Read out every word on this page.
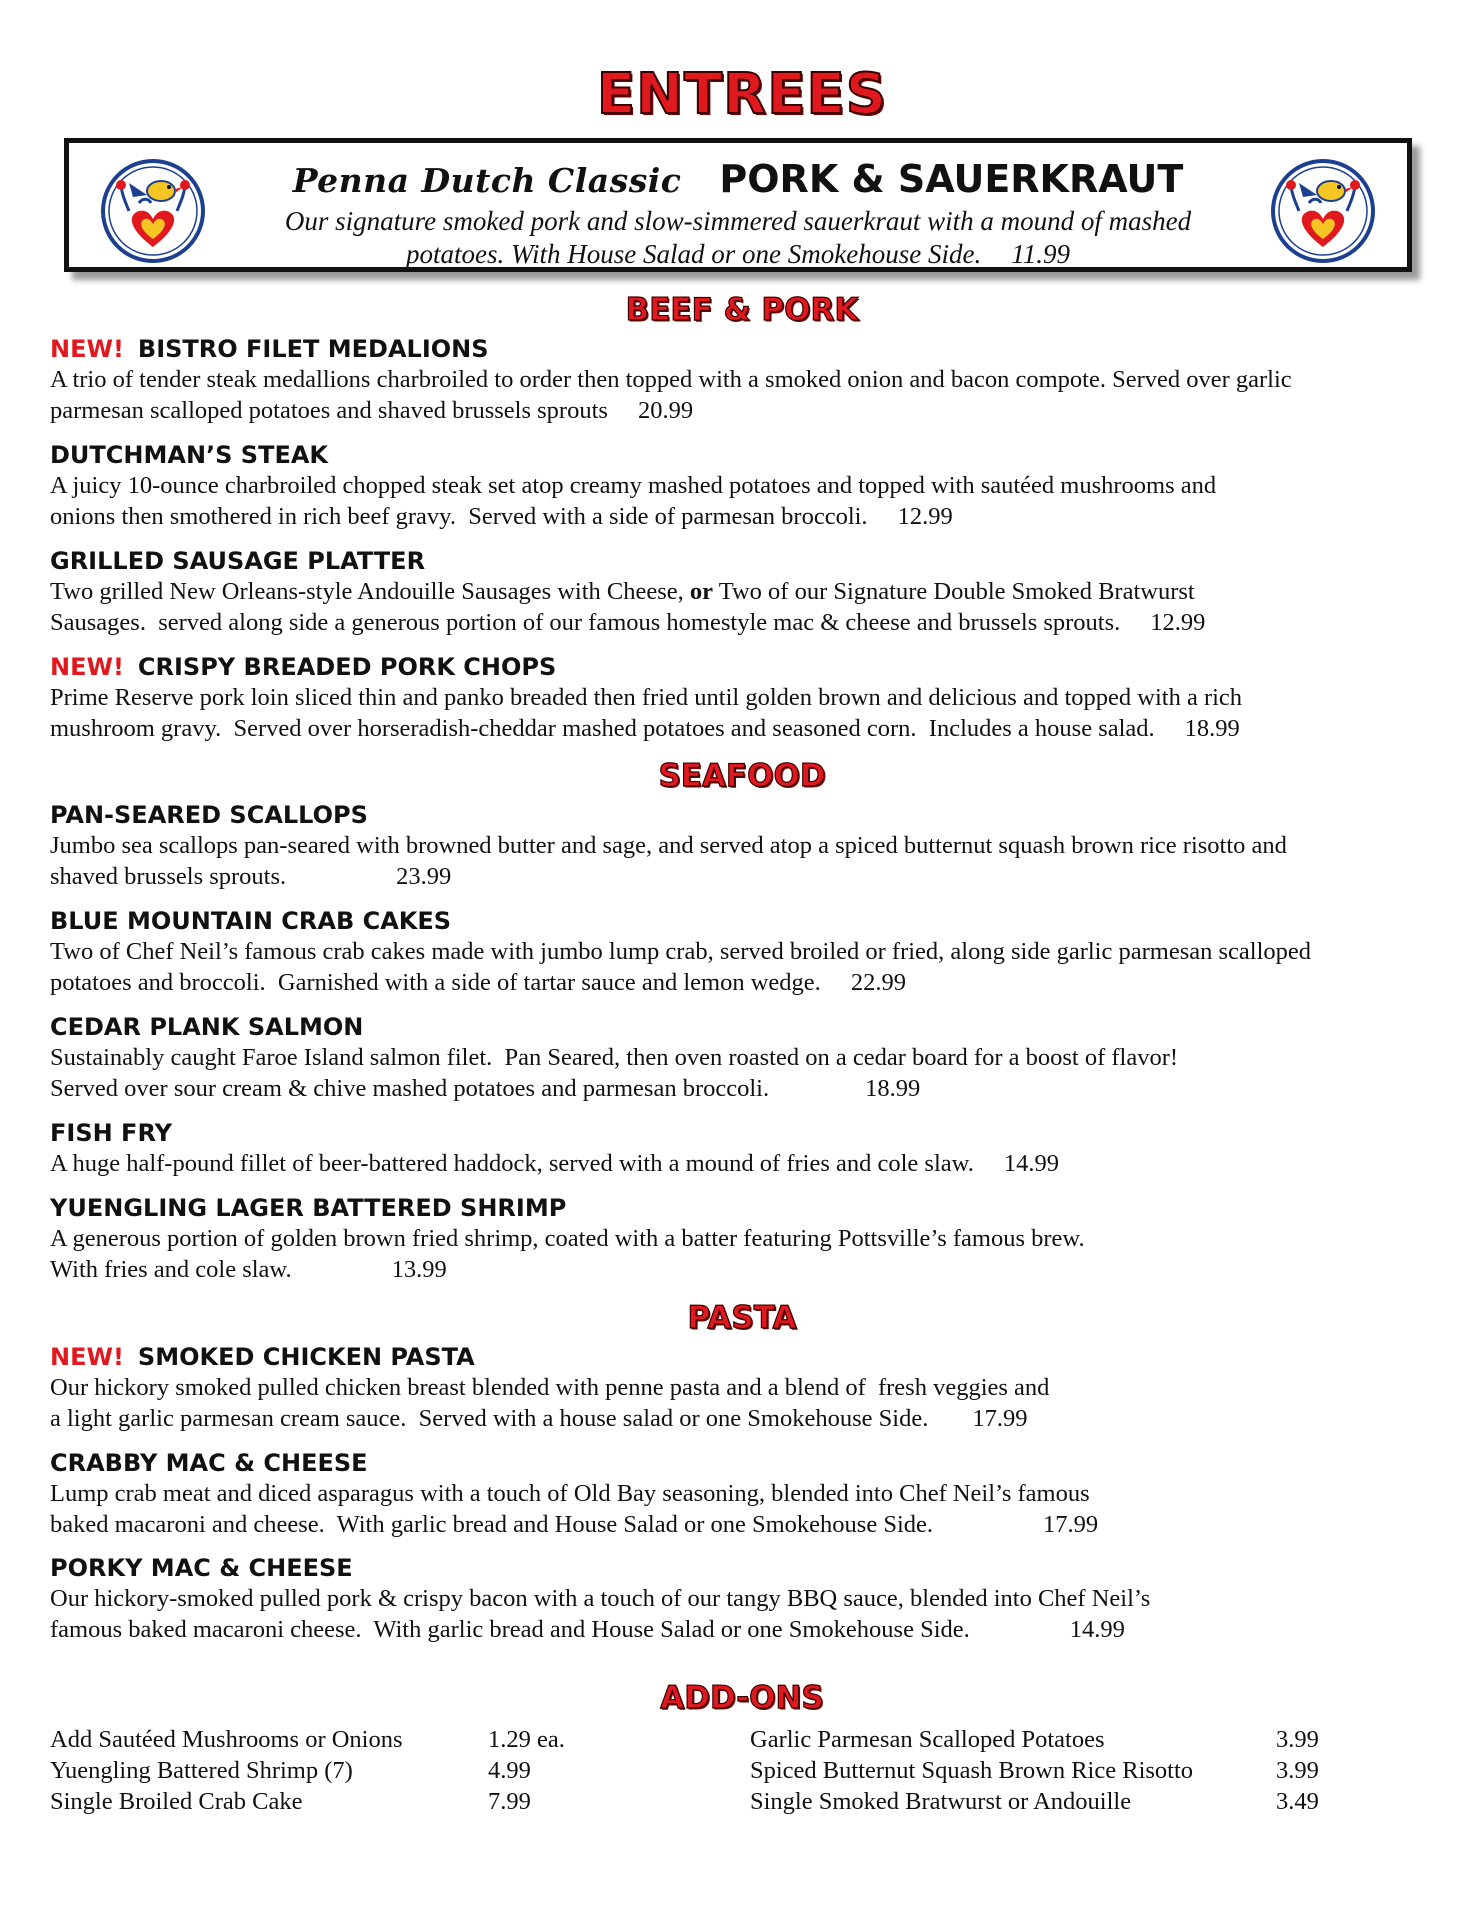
ENTREES
Penna Dutch Classic PORK & SAUERKRAUT
Our signature smoked pork and slow-simmered sauerkraut with a mound of mashed potatoes. With House Salad or one Smokehouse Side. 11.99
BEEF & PORK
NEW! BISTRO FILET MEDALIONS
A trio of tender steak medallions charbroiled to order then topped with a smoked onion and bacon compote. Served over garlic
parmesan scalloped potatoes and shaved brussels sprouts 20.99
DUTCHMAN’S STEAK
A juicy 10-ounce charbroiled chopped steak set atop creamy mashed potatoes and topped with sautéed mushrooms and
onions then smothered in rich beef gravy.  Served with a side of parmesan broccoli. 12.99
GRILLED SAUSAGE PLATTER
Two grilled New Orleans-style Andouille Sausages with Cheese, or Two of our Signature Double Smoked Bratwurst
Sausages.  served along side a generous portion of our famous homestyle mac & cheese and brussels sprouts. 12.99
NEW! CRISPY BREADED PORK CHOPS
Prime Reserve pork loin sliced thin and panko breaded then fried until golden brown and delicious and topped with a rich
mushroom gravy.  Served over horseradish-cheddar mashed potatoes and seasoned corn.  Includes a house salad. 18.99
SEAFOOD
PAN-SEARED SCALLOPS
Jumbo sea scallops pan-seared with browned butter and sage, and served atop a spiced butternut squash brown rice risotto and
shaved brussels sprouts.	23.99
BLUE MOUNTAIN CRAB CAKES
Two of Chef Neil’s famous crab cakes made with jumbo lump crab, served broiled or fried, along side garlic parmesan scalloped
potatoes and broccoli.  Garnished with a side of tartar sauce and lemon wedge. 22.99
CEDAR PLANK SALMON
Sustainably caught Faroe Island salmon filet.  Pan Seared, then oven roasted on a cedar board for a boost of flavor!
Served over sour cream & chive mashed potatoes and parmesan broccoli.	18.99
FISH FRY
A huge half-pound fillet of beer-battered haddock, served with a mound of fries and cole slaw. 14.99
YUENGLING LAGER BATTERED SHRIMP
A generous portion of golden brown fried shrimp, coated with a batter featuring Pottsville’s famous brew.
With fries and cole slaw.	13.99
PASTA
NEW! SMOKED CHICKEN PASTA
Our hickory smoked pulled chicken breast blended with penne pasta and a blend of  fresh veggies and
a light garlic parmesan cream sauce.  Served with a house salad or one Smokehouse Side. 17.99
CRABBY MAC & CHEESE
Lump crab meat and diced asparagus with a touch of Old Bay seasoning, blended into Chef Neil’s famous
baked macaroni and cheese.  With garlic bread and House Salad or one Smokehouse Side.	17.99
PORKY MAC & CHEESE
Our hickory-smoked pulled pork & crispy bacon with a touch of our tangy BBQ sauce, blended into Chef Neil’s
famous baked macaroni cheese.  With garlic bread and House Salad or one Smokehouse Side.	14.99
ADD-ONS
Add Sautéed Mushrooms or Onions	1.29 ea.
Yuengling Battered Shrimp (7)	4.99
Single Broiled Crab Cake	7.99
Garlic Parmesan Scalloped Potatoes	3.99
Spiced Butternut Squash Brown Rice Risotto	3.99
Single Smoked Bratwurst or Andouille	3.49
